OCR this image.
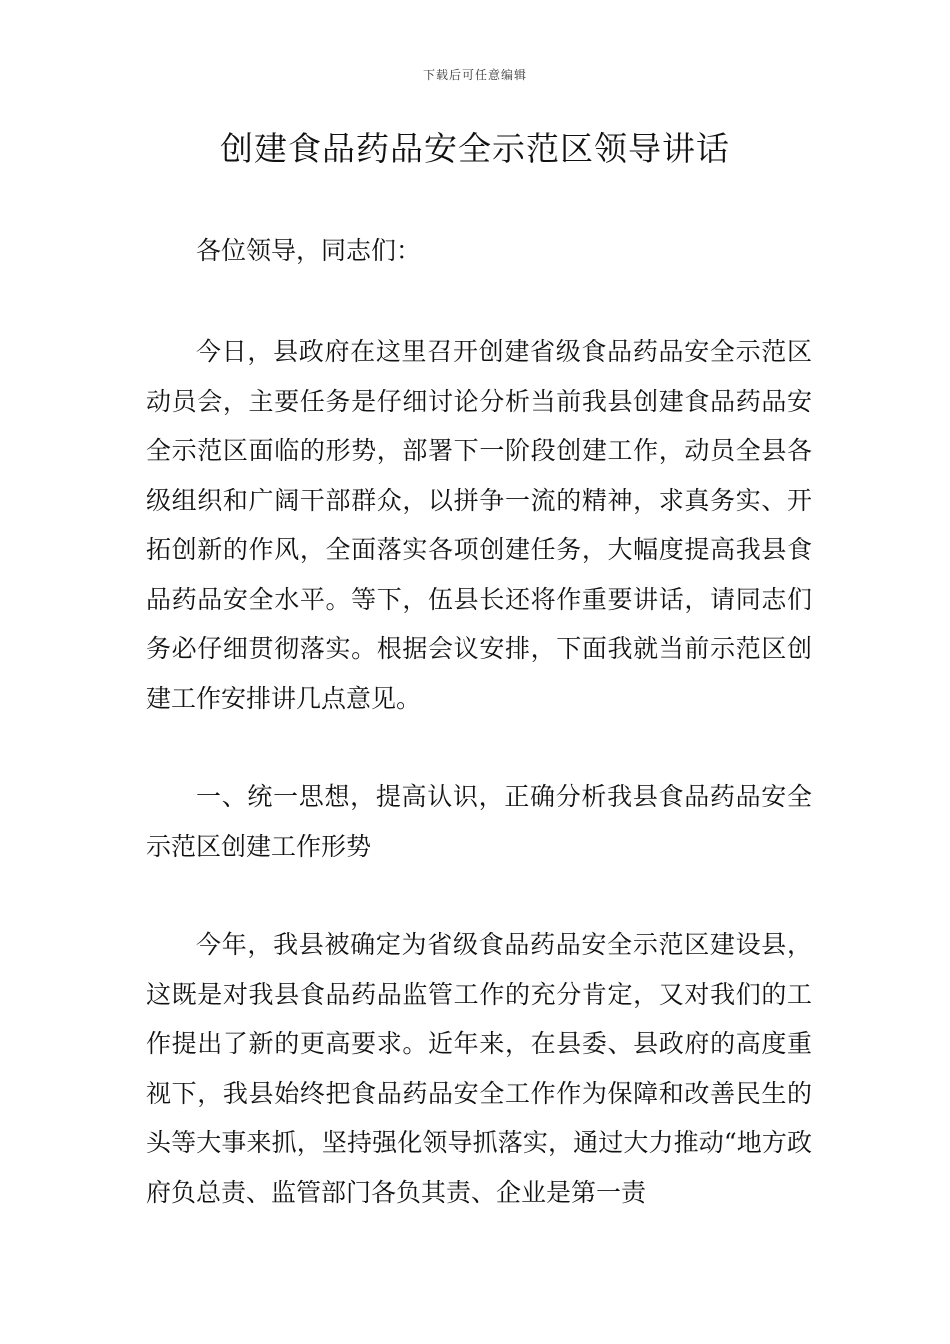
下载后可任意编辑
创建食品药品安全示范区领导讲话

各位领导，同志们：

今日，县政府在这里召开创建省级食品药品安全示范区动员会，主要任务是仔细讨论分析当前我县创建食品药品安全示范区面临的形势，部署下一阶段创建工作，动员全县各级组织和广阔干部群众，以拼争一流的精神，求真务实、开拓创新的作风，全面落实各项创建任务，大幅度提高我县食品药品安全水平。等下，伍县长还将作重要讲话，请同志们务必仔细贯彻落实。根据会议安排，下面我就当前示范区创建工作安排讲几点意见。

一、统一思想，提高认识，正确分析我县食品药品安全示范区创建工作形势

今年，我县被确定为省级食品药品安全示范区建设县，这既是对我县食品药品监管工作的充分肯定，又对我们的工作提出了新的更高要求。近年来，在县委、县政府的高度重视下，我县始终把食品药品安全工作作为保障和改善民生的头等大事来抓，坚持强化领导抓落实，通过大力推动“地方政府负总责、监管部门各负其责、企业是第一责
